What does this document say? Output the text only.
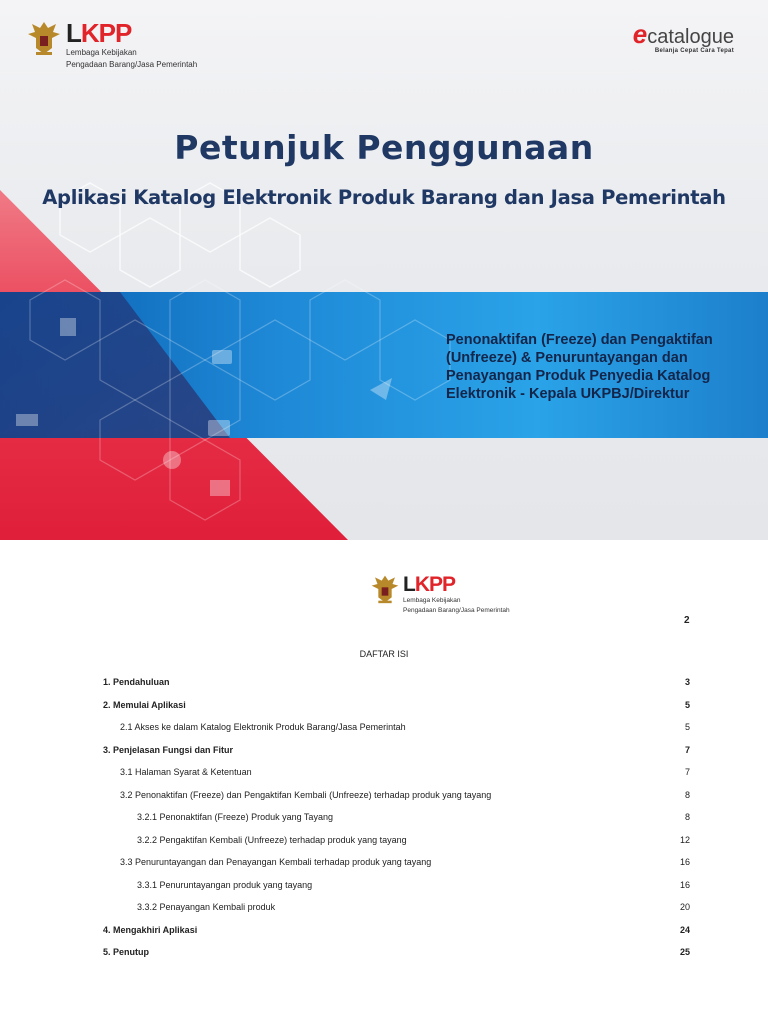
LKPP
Lembaga Kebijakan
Pengadaan Barang/Jasa Pemerintah
ecatalogue
Belanja Cepat Cara Tepat
Petunjuk Penggunaan
Aplikasi Katalog Elektronik Produk Barang dan Jasa Pemerintah
Penonaktifan (Freeze) dan Pengaktifan
(Unfreeze) & Penuruntayangan dan
Penayangan Produk Penyedia Katalog
Elektronik - Kepala UKPBJ/Direktur
LKPP
Lembaga Kebijakan
Pengadaan Barang/Jasa Pemerintah
2
DAFTAR ISI
1. Pendahuluan	3
2. Memulai Aplikasi	5
2.1 Akses ke dalam Katalog Elektronik Produk Barang/Jasa Pemerintah	5
3. Penjelasan Fungsi dan Fitur	7
3.1 Halaman Syarat & Ketentuan	7
3.2 Penonaktifan (Freeze) dan Pengaktifan Kembali (Unfreeze) terhadap produk yang tayang	8
3.2.1 Penonaktifan (Freeze) Produk yang Tayang	8
3.2.2 Pengaktifan Kembali (Unfreeze) terhadap produk yang tayang	12
3.3 Penuruntayangan dan Penayangan Kembali terhadap produk yang tayang	16
3.3.1 Penuruntayangan produk yang tayang	16
3.3.2 Penayangan Kembali produk	20
4. Mengakhiri Aplikasi	24
5. Penutup	25
